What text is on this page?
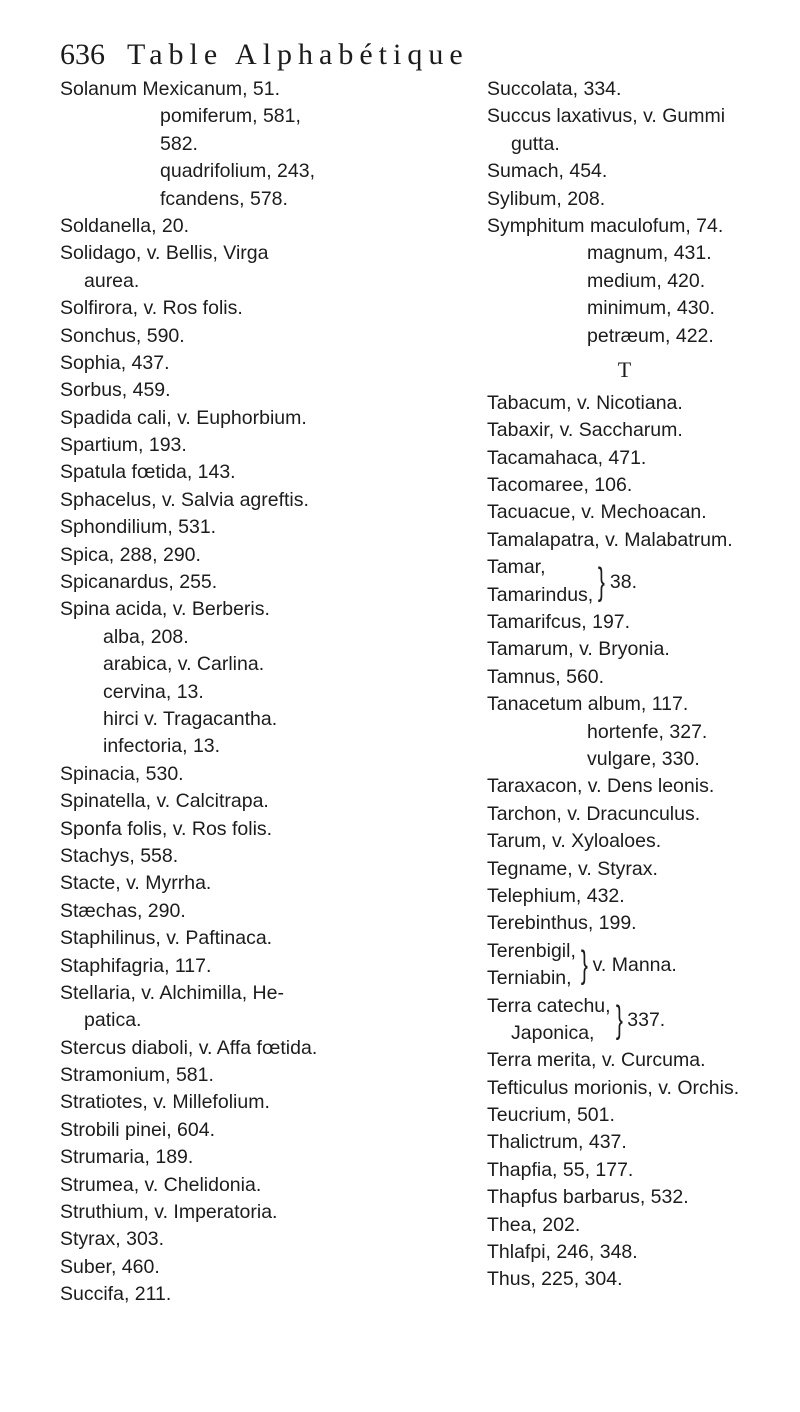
636 Table Alphabétique
Solanum Mexicanum, 51.
pomiferum, 581,
582.
quadrifolium, 243,
fcandens, 578.
Soldanella, 20.
Solidago, v. Bellis, Virga
aurea.
Solfirora, v. Ros folis.
Sonchus, 590.
Sophia, 437.
Sorbus, 459.
Spadida cali, v. Euphorbium.
Spartium, 193.
Spatula fœtida, 143.
Sphacelus, v. Salvia agreftis.
Sphondilium, 531.
Spica, 288, 290.
Spicanardus, 255.
Spina acida, v. Berberis.
alba, 208.
arabica, v. Carlina.
cervina, 13.
hirci v. Tragacantha.
infectoria, 13.
Spinacia, 530.
Spinatella, v. Calcitrapa.
Sponfa folis, v. Ros folis.
Stachys, 558.
Stacte, v. Myrrha.
Stæchas, 290.
Staphilinus, v. Paftinaca.
Staphifagria, 117.
Stellaria, v. Alchimilla, He-
patica.
Stercus diaboli, v. Affa fœtida.
Stramonium, 581.
Stratiotes, v. Millefolium.
Strobili pinei, 604.
Strumaria, 189.
Strumea, v. Chelidonia.
Struthium, v. Imperatoria.
Styrax, 303.
Suber, 460.
Succifa, 211.
Succolata, 334.
Succus laxativus, v. Gummi
gutta.
Sumach, 454.
Sylibum, 208.
Symphitum maculofum, 74.
magnum, 431.
medium, 420.
minimum, 430.
petræum, 422.
T
Tabacum, v. Nicotiana.
Tabaxir, v. Saccharum.
Tacamahaca, 471.
Tacomaree, 106.
Tacuacue, v. Mechoacan.
Tamalapatra, v. Malabatrum.
Tamar,
Tamarindus, } 38.
Tamarifcus, 197.
Tamarum, v. Bryonia.
Tamnus, 560.
Tanacetum album, 117.
hortenfe, 327.
vulgare, 330.
Taraxacon, v. Dens leonis.
Tarchon, v. Dracunculus.
Tarum, v. Xyloaloes.
Tegname, v. Styrax.
Telephium, 432.
Terebinthus, 199.
Terenbigil,
Terniabin, } v. Manna.
Terra catechu,
Japonica, } 337.
Terra merita, v. Curcuma.
Tefticulus morionis, v. Orchis.
Teucrium, 501.
Thalictrum, 437.
Thapfia, 55, 177.
Thapfus barbarus, 532.
Thea, 202.
Thlafpi, 246, 348.
Thus, 225, 304.
